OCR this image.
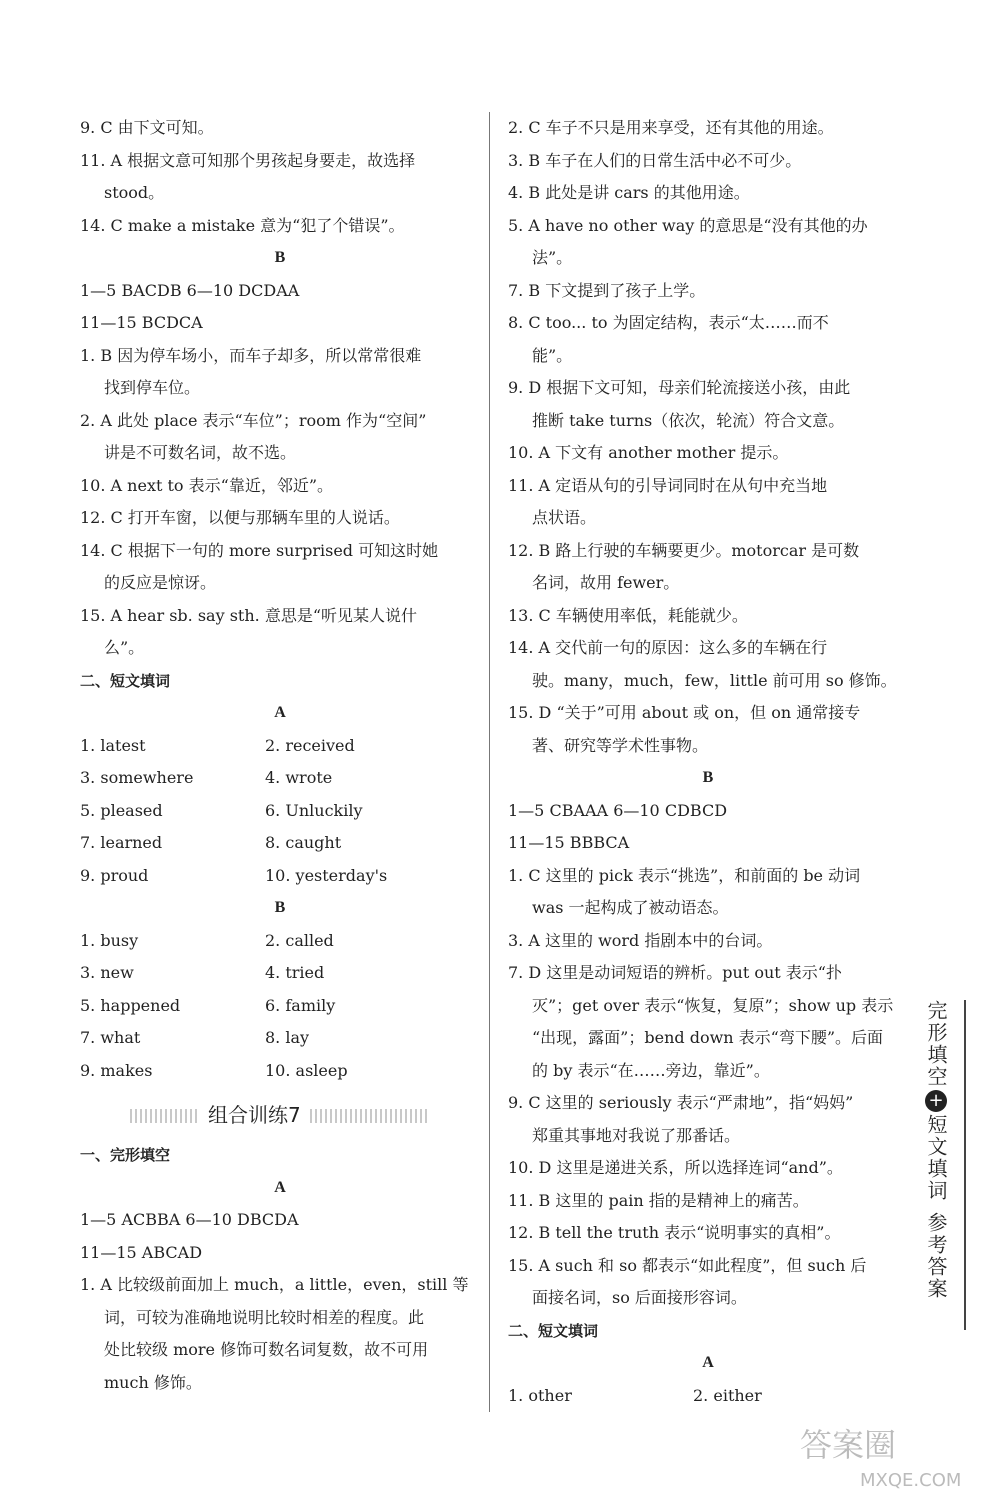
9. C 由下文可知。
11. A 根据文意可知那个男孩起身要走，故选择
stood。
14. C make a mistake 意为“犯了个错误”。
B
1—5 BACDB 6—10 DCDAA
11—15 BCDCA
1. B 因为停车场小，而车子却多，所以常常很难
找到停车位。
2. A 此处 place 表示“车位”；room 作为“空间”
讲是不可数名词，故不选。
10. A next to 表示“靠近，邻近”。
12. C 打开车窗，以便与那辆车里的人说话。
14. C 根据下一句的 more surprised 可知这时她
的反应是惊讶。
15. A hear sb. say sth. 意思是“听见某人说什
么”。
二、短文填词
A
1. latest	2. received
3. somewhere	4. wrote
5. pleased	6. Unluckily
7. learned	8. caught
9. proud	10. yesterday's
B
1. busy	2. called
3. new	4. tried
5. happened	6. family
7. what	8. lay
9. makes	10. asleep
组合训练7
一、完形填空
A
1—5 ACBBA 6—10 DBCDA
11—15 ABCAD
1. A 比较级前面加上 much，a little，even，still 等
词，可较为准确地说明比较时相差的程度。此
处比较级 more 修饰可数名词复数，故不可用
much 修饰。
2. C 车子不只是用来享受，还有其他的用途。
3. B 车子在人们的日常生活中必不可少。
4. B 此处是讲 cars 的其他用途。
5. A have no other way 的意思是“没有其他的办
法”。
7. B 下文提到了孩子上学。
8. C too... to 为固定结构，表示“太……而不
能”。
9. D 根据下文可知，母亲们轮流接送小孩，由此
推断 take turns（依次，轮流）符合文意。
10. A 下文有 another mother 提示。
11. A 定语从句的引导词同时在从句中充当地
点状语。
12. B 路上行驶的车辆要更少。motorcar 是可数
名词，故用 fewer。
13. C 车辆使用率低，耗能就少。
14. A 交代前一句的原因：这么多的车辆在行
驶。many，much，few，little 前可用 so 修饰。
15. D “关于”可用 about 或 on，但 on 通常接专
著、研究等学术性事物。
B
1—5 CBAAA 6—10 CDBCD
11—15 BBBCA
1. C 这里的 pick 表示“挑选”，和前面的 be 动词
was 一起构成了被动语态。
3. A 这里的 word 指剧本中的台词。
7. D 这里是动词短语的辨析。put out 表示“扑
灭”；get over 表示“恢复，复原”；show up 表示
“出现，露面”；bend down 表示“弯下腰”。后面
的 by 表示“在……旁边，靠近”。
9. C 这里的 seriously 表示“严肃地”，指“妈妈”
郑重其事地对我说了那番话。
10. D 这里是递进关系，所以选择连词“and”。
11. B 这里的 pain 指的是精神上的痛苦。
12. B tell the truth 表示“说明事实的真相”。
15. A such 和 so 都表示“如此程度”，但 such 后
面接名词，so 后面接形容词。
二、短文填词
A
1. other	2. either
完形填空
+
短文填词
参考答案
答案圈
MXQE.COM
